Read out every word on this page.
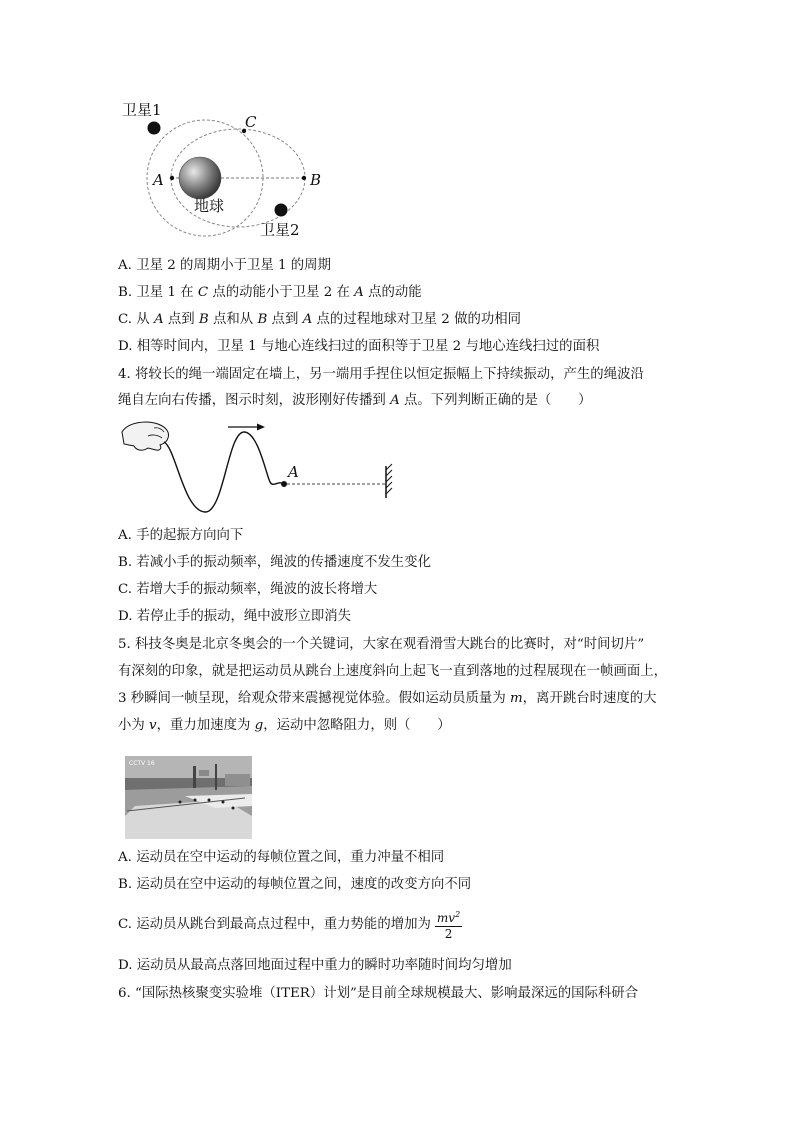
卫星1
C
A	B
地球
卫星2
A. 卫星 2 的周期小于卫星 1 的周期
B. 卫星 1 在 C 点的动能小于卫星 2 在 A 点的动能
C. 从 A 点到 B 点和从 B 点到 A 点的过程地球对卫星 2 做的功相同
D. 相等时间内，卫星 1 与地心连线扫过的面积等于卫星 2 与地心连线扫过的面积
4. 将较长的绳一端固定在墙上，另一端用手捏住以恒定振幅上下持续振动，产生的绳波沿
绳自左向右传播，图示时刻，波形刚好传播到 A 点。下列判断正确的是（　　）
A
A. 手的起振方向向下
B. 若减小手的振动频率，绳波的传播速度不发生变化
C. 若增大手的振动频率，绳波的波长将增大
D. 若停止手的振动，绳中波形立即消失
5. 科技冬奥是北京冬奥会的一个关键词，大家在观看滑雪大跳台的比赛时，对“时间切片”
有深刻的印象，就是把运动员从跳台上速度斜向上起飞一直到落地的过程展现在一帧画面上，
3 秒瞬间一帧呈现，给观众带来震撼视觉体验。假如运动员质量为 m，离开跳台时速度的大
小为 v，重力加速度为 g，运动中忽略阻力，则（　　）
CCTV 16
A. 运动员在空中运动的每帧位置之间，重力冲量不相同
B. 运动员在空中运动的每帧位置之间，速度的改变方向不同
C. 运动员从跳台到最高点过程中，重力势能的增加为 $\frac{mv^2}{2}$
D. 运动员从最高点落回地面过程中重力的瞬时功率随时间均匀增加
6. “国际热核聚变实验堆（ITER）计划”是目前全球规模最大、影响最深远的国际科研合
